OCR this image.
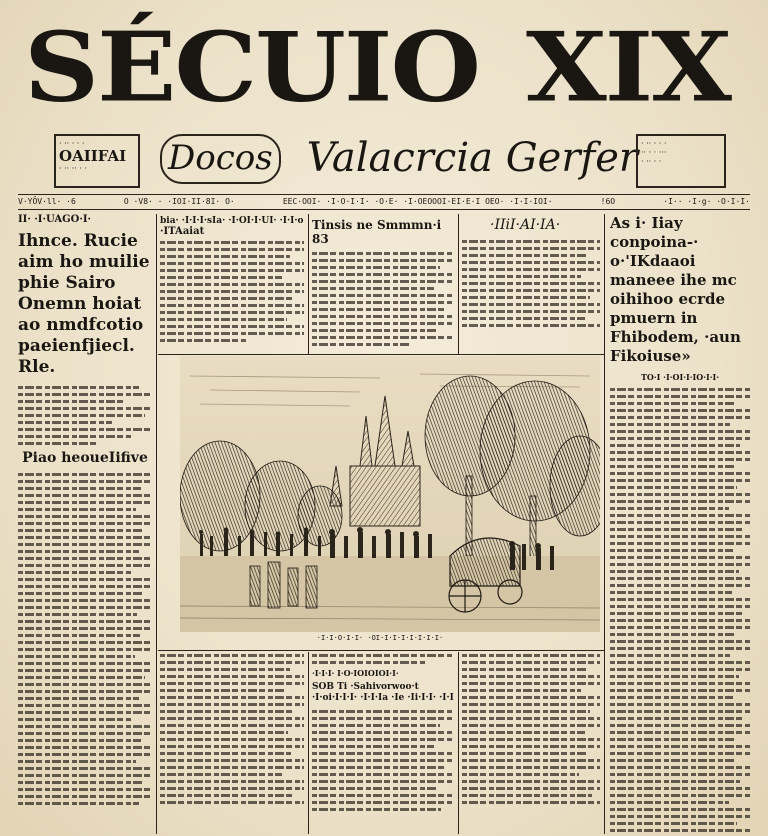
SÉCUIO XIX
· ·· · · ·
OAIIFAI
· ·· ·· · ·	Docos Valacrcia Gerfer · ·· · · ·
·· · · ···
· ·· · ·
V·YŌV·ll· ·6	O ·V8· · ·IOI·II·8I· O·	EEC·OOI· ·I·O·I·I· ·O·E· ·I·OEOOOI·EI·E·I OEO· ·I·I·IOI·	!6O	·I·· ·I·g· ·O·I·I·
II· ·I·UAGO·I·

Ihnce. Rucie aim ho muilie phie Sairo Onemn hoiat ao nmdfcotio paeienfjiecl. Rle.

Piao heoueIifive
bia· ·I·I·I·sIa· ·I·OI·I·UI· ·I·I·o
·ITAaiat	Tinsis ne Smmmn·i 83
·IIiI·AI·IA·	As i· Iiay conpoina-· o·'IKdaaoi maneee ihe mc oihihoo ecrde pmuern in Fhibodem, ·aun Fikoiuse»

TO·I ·I·OI·I·IO·I·I·
·I·I·O·I·I· ·OI·I·I·I·I·I·I·I·
·I·I·I· I·O·IOIOIOI·I·
SOB Ti ·Sahivorwoo·t ·I·oi·I·I·I· ·I·I·Ia ·Ie ·Ii·I·I· ·I·I
